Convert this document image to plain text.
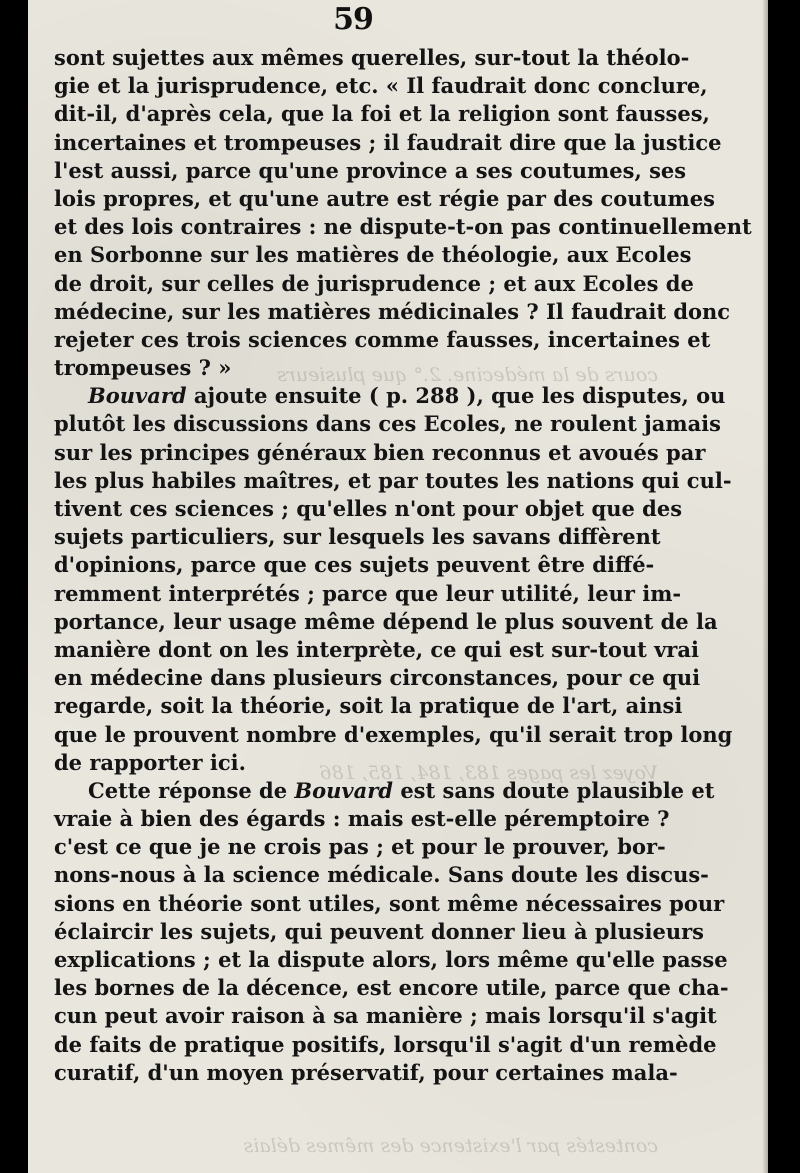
cours de la médecine. 2.° que plusieurs
Voyez les pages 183, 184, 185, 186
contestés par l'existence des mêmes délais
59
sont sujettes aux mêmes querelles, sur-tout la théolo-
gie et la jurisprudence, etc. « Il faudrait donc conclure,
dit-il, d'après cela, que la foi et la religion sont fausses,
incertaines et trompeuses ; il faudrait dire que la justice
l'est aussi, parce qu'une province a ses coutumes, ses
lois propres, et qu'une autre est régie par des coutumes
et des lois contraires : ne dispute-t-on pas continuellement
en Sorbonne sur les matières de théologie, aux Ecoles
de droit, sur celles de jurisprudence ; et aux Ecoles de
médecine, sur les matières médicinales ? Il faudrait donc
rejeter ces trois sciences comme fausses, incertaines et
trompeuses ? »
Bouvard ajoute ensuite ( p. 288 ), que les disputes, ou
plutôt les discussions dans ces Ecoles, ne roulent jamais
sur les principes généraux bien reconnus et avoués par
les plus habiles maîtres, et par toutes les nations qui cul-
tivent ces sciences ; qu'elles n'ont pour objet que des
sujets particuliers, sur lesquels les savans diffèrent
d'opinions, parce que ces sujets peuvent être diffé-
remment interprétés ; parce que leur utilité, leur im-
portance, leur usage même dépend le plus souvent de la
manière dont on les interprète, ce qui est sur-tout vrai
en médecine dans plusieurs circonstances, pour ce qui
regarde, soit la théorie, soit la pratique de l'art, ainsi
que le prouvent nombre d'exemples, qu'il serait trop long
de rapporter ici.
Cette réponse de Bouvard est sans doute plausible et
vraie à bien des égards : mais est-elle péremptoire ?
c'est ce que je ne crois pas ; et pour le prouver, bor-
nons-nous à la science médicale. Sans doute les discus-
sions en théorie sont utiles, sont même nécessaires pour
éclaircir les sujets, qui peuvent donner lieu à plusieurs
explications ; et la dispute alors, lors même qu'elle passe
les bornes de la décence, est encore utile, parce que cha-
cun peut avoir raison à sa manière ; mais lorsqu'il s'agit
de faits de pratique positifs, lorsqu'il s'agit d'un remède
curatif, d'un moyen préservatif, pour certaines mala-
